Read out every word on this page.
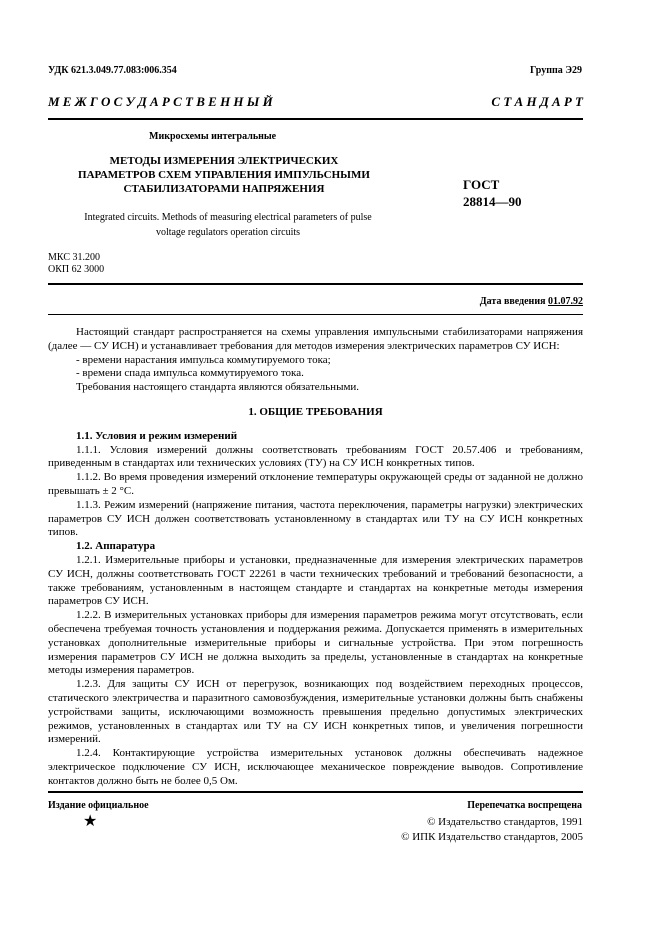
УДК 621.3.049.77.083:006.354	Группа Э29
М Е Ж Г О С У Д А Р С Т В Е Н Н Ы Й	С Т А Н Д А Р Т
Микросхемы интегральные
МЕТОДЫ ИЗМЕРЕНИЯ ЭЛЕКТРИЧЕСКИХ
ПАРАМЕТРОВ СХЕМ УПРАВЛЕНИЯ ИМПУЛЬСНЫМИ
СТАБИЛИЗАТОРАМИ НАПРЯЖЕНИЯ	ГОСТ
28814—90
Integrated circuits. Methods of measuring electrical parameters of pulse
voltage regulators operation circuits
МКС 31.200
ОКП 62 3000
Дата введения 01.07.92

Настоящий стандарт распространяется на схемы управления импульсными стабилизаторами напряжения (далее — СУ ИСН) и устанавливает требования для методов измерения электрических параметров СУ ИСН:

- времени нарастания импульса коммутируемого тока;

- времени спада импульса коммутируемого тока.

Требования настоящего стандарта являются обязательными.

1. ОБЩИЕ ТРЕБОВАНИЯ

1.1. Условия и режим измерений

1.1.1. Условия измерений должны соответствовать требованиям ГОСТ 20.57.406 и требованиям, приведенным в стандартах или технических условиях (ТУ) на СУ ИСН конкретных типов.

1.1.2. Во время проведения измерений отклонение температуры окружающей среды от заданной не должно превышать ± 2 °С.

1.1.3. Режим измерений (напряжение питания, частота переключения, параметры нагрузки) электрических параметров СУ ИСН должен соответствовать установленному в стандартах или ТУ на СУ ИСН конкретных типов.

1.2. Аппаратура

1.2.1. Измерительные приборы и установки, предназначенные для измерения электрических параметров СУ ИСН, должны соответствовать ГОСТ 22261 в части технических требований и требований безопасности, а также требованиям, установленным в настоящем стандарте и стандартах на конкретные методы измерения параметров СУ ИСН.

1.2.2. В измерительных установках приборы для измерения параметров режима могут отсутствовать, если обеспечена требуемая точность установления и поддержания режима. Допускается применять в измерительных установках дополнительные измерительные приборы и сигнальные устройства. При этом погрешность измерения параметров СУ ИСН не должна выходить за пределы, установленные в стандартах на конкретные методы измерения параметров.

1.2.3. Для защиты СУ ИСН от перегрузок, возникающих под воздействием переходных процессов, статического электричества и паразитного самовозбуждения, измерительные установки должны быть снабжены устройствами защиты, исключающими возможность превышения предельно допустимых электрических режимов, установленных в стандартах или ТУ на СУ ИСН конкретных типов, и увеличения погрешности измерений.

1.2.4. Контактирующие устройства измерительных установок должны обеспечивать надежное электрическое подключение СУ ИСН, исключающее механическое повреждение выводов. Сопротивление контактов должно быть не более 0,5 Ом.

Издание официальное	Перепечатка воспрещена
★	© Издательство стандартов, 1991
© ИПК Издательство стандартов, 2005
